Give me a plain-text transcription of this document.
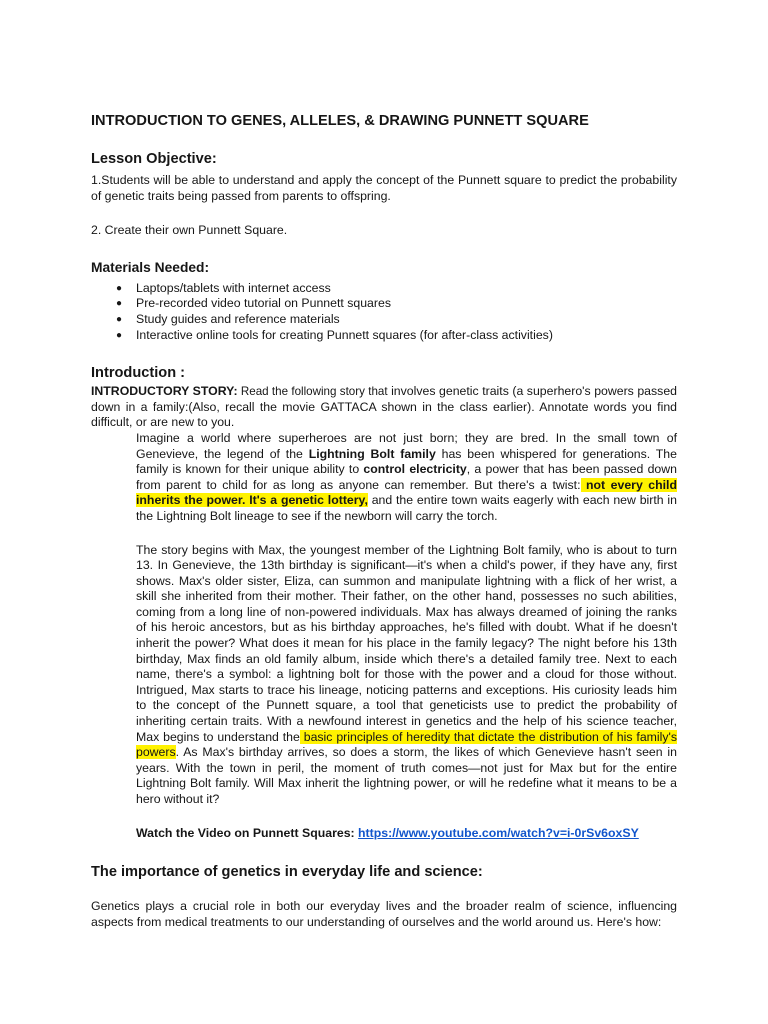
INTRODUCTION TO GENES, ALLELES, & DRAWING PUNNETT SQUARE
Lesson Objective:

1.Students will be able to understand and apply the concept of the Punnett square to predict the probability of genetic traits being passed from parents to offspring.

2. Create their own Punnett Square.

Materials Needed:
● Laptops/tablets with internet access
● Pre-recorded video tutorial on Punnett squares
● Study guides and reference materials
● Interactive online tools for creating Punnett squares (for after-class activities)
Introduction :

INTRODUCTORY STORY: Read the following story that involves genetic traits (a superhero's powers passed down in a family:(Also, recall the movie GATTACA shown in the class earlier). Annotate words you find difficult, or are new to you.

Imagine a world where superheroes are not just born; they are bred. In the small town of Genevieve, the legend of the Lightning Bolt family has been whispered for generations. The family is known for their unique ability to control electricity, a power that has been passed down from parent to child for as long as anyone can remember. But there's a twist: not every child inherits the power. It's a genetic lottery, and the entire town waits eagerly with each new birth in the Lightning Bolt lineage to see if the newborn will carry the torch.

The story begins with Max, the youngest member of the Lightning Bolt family, who is about to turn 13. In Genevieve, the 13th birthday is significant—it's when a child's power, if they have any, first shows. Max's older sister, Eliza, can summon and manipulate lightning with a flick of her wrist, a skill she inherited from their mother. Their father, on the other hand, possesses no such abilities, coming from a long line of non-powered individuals. Max has always dreamed of joining the ranks of his heroic ancestors, but as his birthday approaches, he's filled with doubt. What if he doesn't inherit the power? What does it mean for his place in the family legacy? The night before his 13th birthday, Max finds an old family album, inside which there's a detailed family tree. Next to each name, there's a symbol: a lightning bolt for those with the power and a cloud for those without. Intrigued, Max starts to trace his lineage, noticing patterns and exceptions. His curiosity leads him to the concept of the Punnett square, a tool that geneticists use to predict the probability of inheriting certain traits. With a newfound interest in genetics and the help of his science teacher, Max begins to understand the basic principles of heredity that dictate the distribution of his family's powers. As Max's birthday arrives, so does a storm, the likes of which Genevieve hasn't seen in years. With the town in peril, the moment of truth comes—not just for Max but for the entire Lightning Bolt family. Will Max inherit the lightning power, or will he redefine what it means to be a hero without it?

Watch the Video on Punnett Squares: https://www.youtube.com/watch?v=i-0rSv6oxSY

The importance of genetics in everyday life and science:

Genetics plays a crucial role in both our everyday lives and the broader realm of science, influencing aspects from medical treatments to our understanding of ourselves and the world around us. Here's how:
